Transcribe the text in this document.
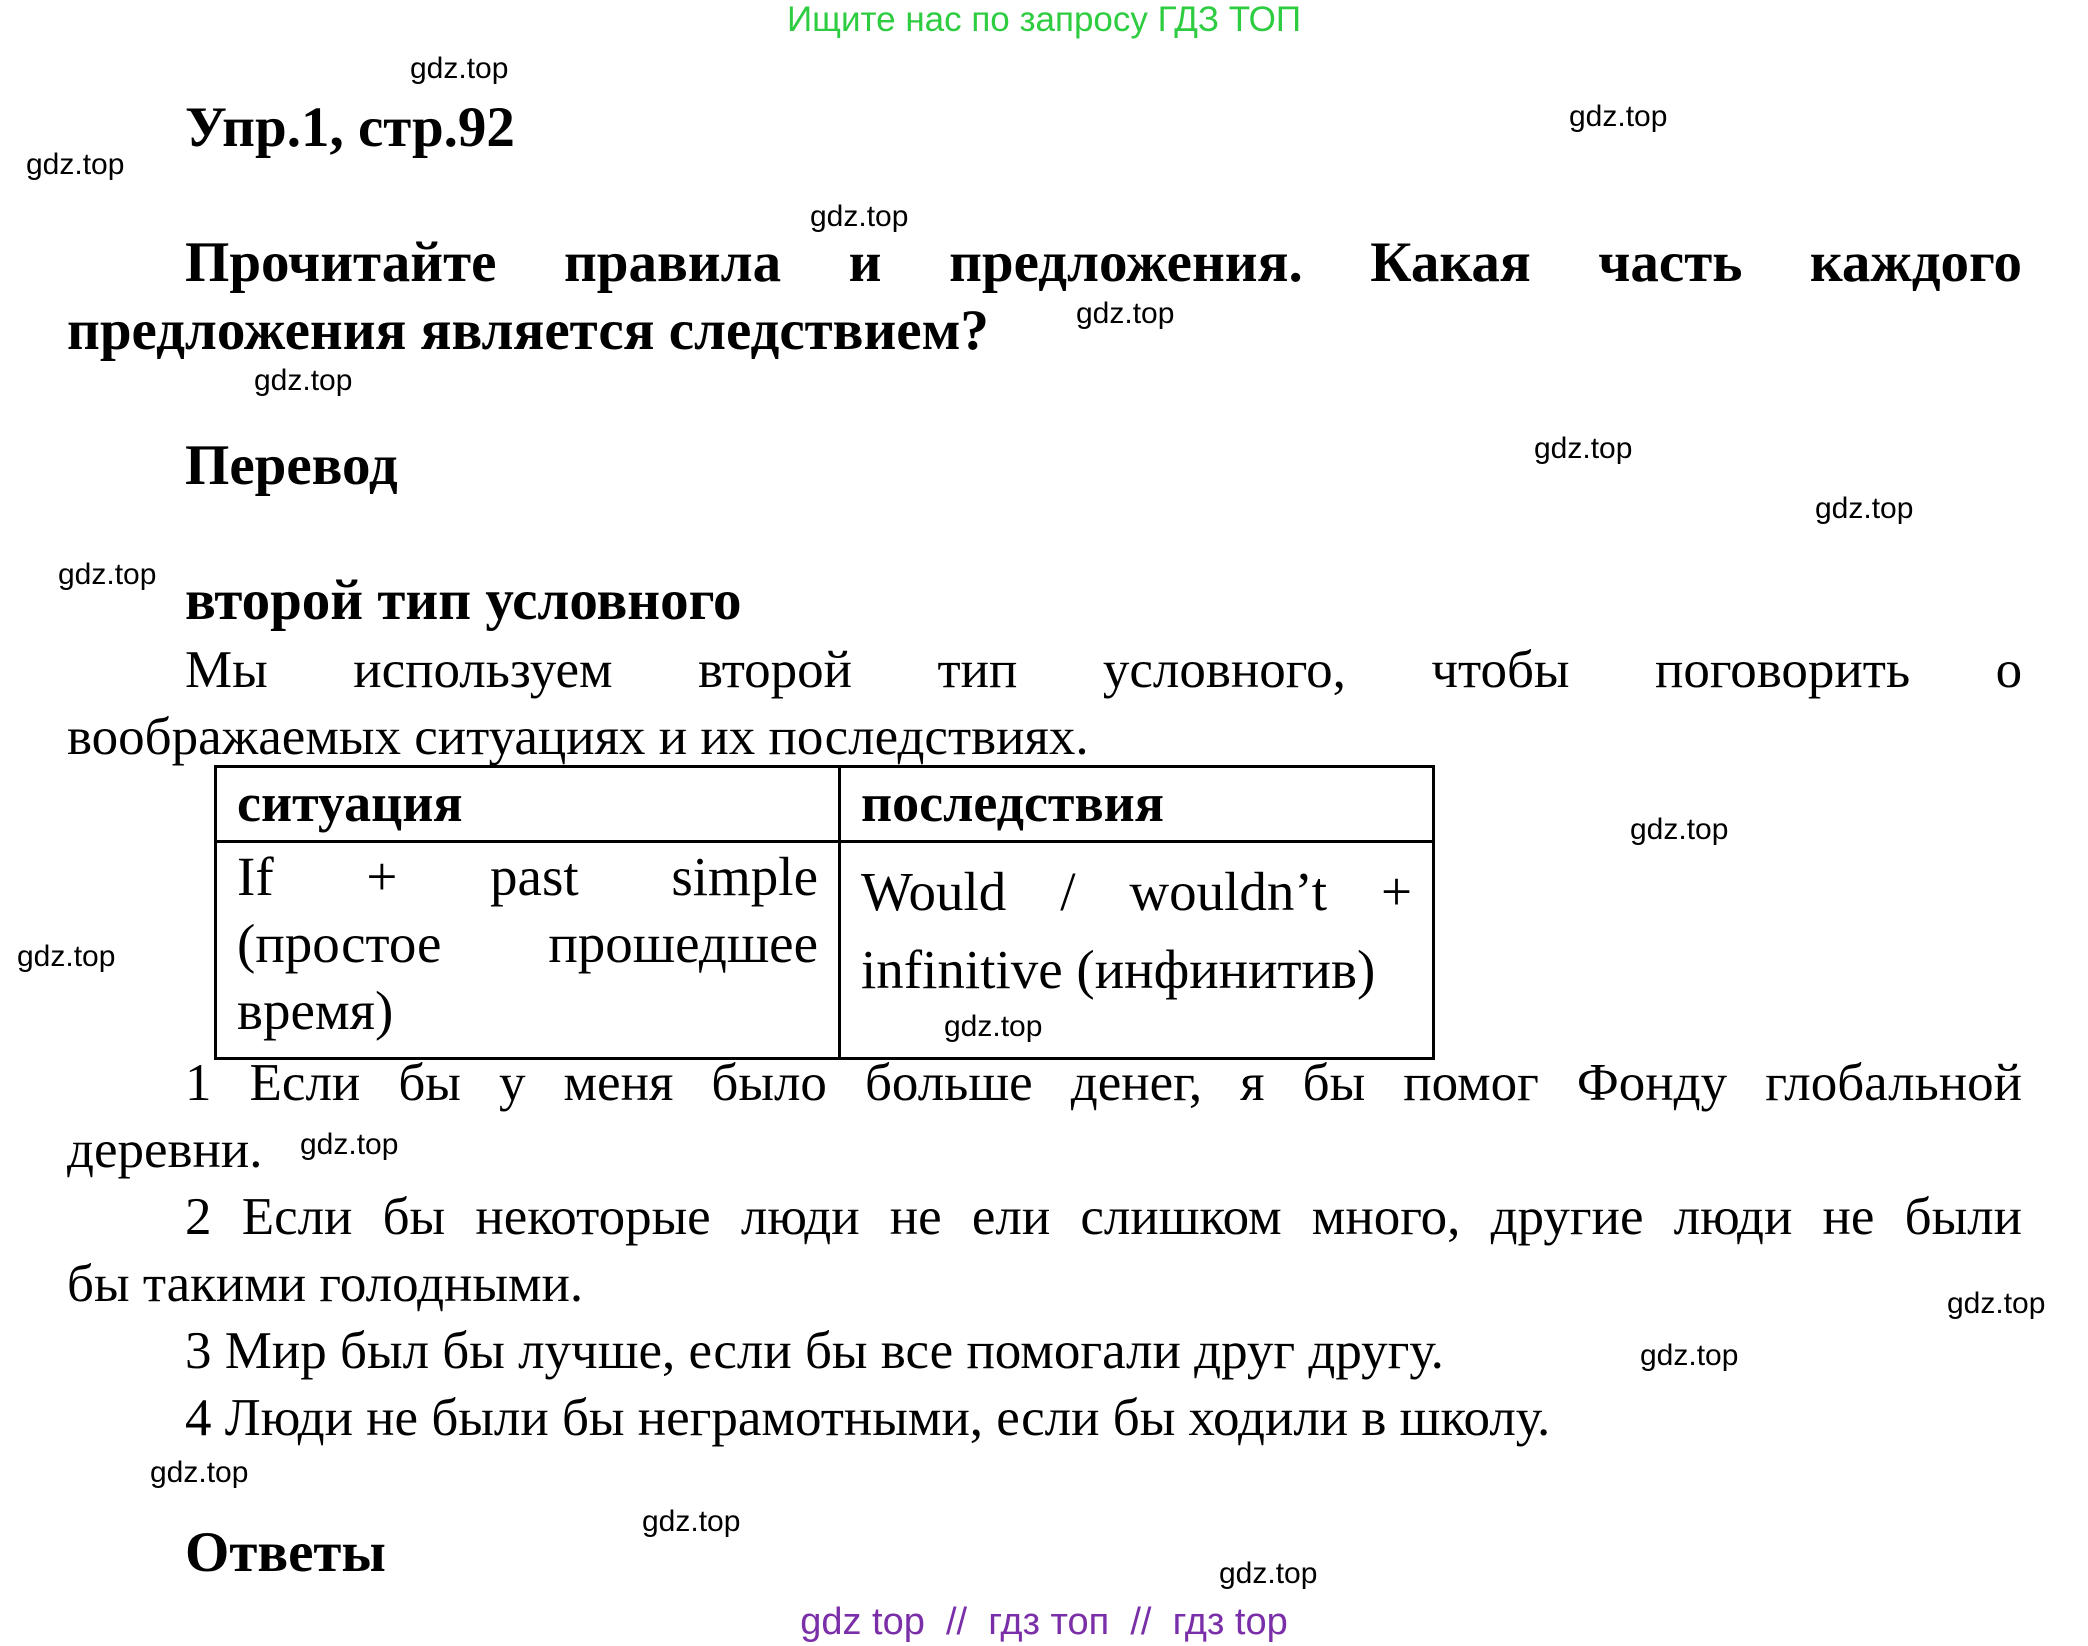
Ищите нас по запросу ГДЗ ТОП
Упр.1, стр.92
Прочитайте правила и предложения. Какая часть каждого
предложения является следствием?
Перевод
второй тип условного
Мы используем второй тип условного, чтобы поговорить о
воображаемых ситуациях и их последствиях.
ситуация	последствия

If + past simple
(простое прошедшее
время)	Would / wouldn’t +
infinitive (инфинитив)
1 Если бы у меня было больше денег, я бы помог Фонду глобальной
деревни.
2 Если бы некоторые люди не ели слишком много, другие люди не были
бы такими голодными.
3 Мир был бы лучше, если бы все помогали друг другу.
4 Люди не были бы неграмотными, если бы ходили в школу.
Ответы
gdz.top
gdz.top
gdz.top
gdz.top
gdz.top
gdz.top
gdz.top
gdz.top
gdz.top
gdz.top
gdz.top
gdz.top
gdz.top
gdz.top
gdz.top
gdz.top
gdz.top
gdz.top
gdz top // гдз топ // гдз top
